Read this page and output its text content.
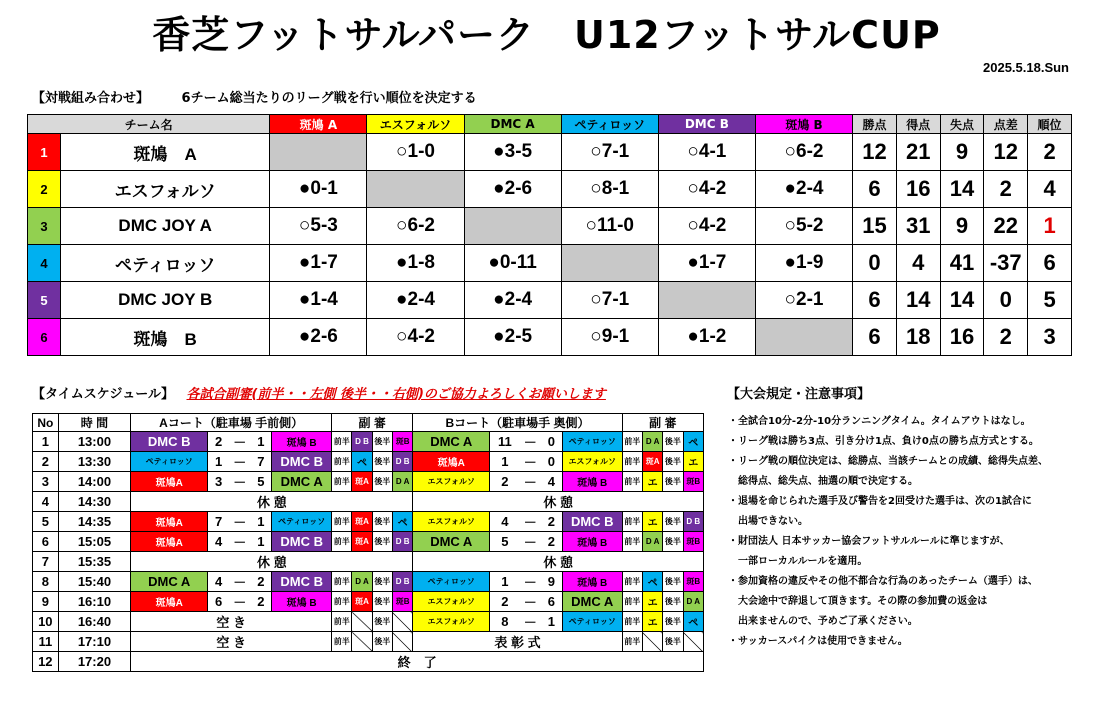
香芝フットサルパーク　U12フットサルCUP
2025.5.18.Sun
【対戦組み合わせ】	6チーム総当たりのリーグ戦を行い順位を決定する
チーム名		斑鳩 A	エスフォルソ	DMC A	ペティロッソ	DMC B	斑鳩 B	勝点	得点	失点	点差	順位
1	斑鳩　A		○1-0	●3-5	○7-1	○4-1	○6-2	12	21	9	12	2
2	エスフォルソ	●0-1		●2-6	○8-1	○4-2	●2-4	6	16	14	2	4
3	DMC JOY A	○5-3	○6-2		○11-0	○4-2	○5-2	15	31	9	22	1
4	ペティロッソ	●1-7	●1-8	●0-11		●1-7	●1-9	0	4	41	-37	6
5	DMC JOY B	●1-4	●2-4	●2-4	○7-1		○2-1	6	14	14	0	5
6	斑鳩　B	●2-6	○4-2	●2-5	○9-1	●1-2		6	18	16	2	3
【タイムスケジュール】 各試合副審(前半・・左側 後半・・右側)のご協力よろしくお願いします	【大会規定・注意事項】
No	時 間	Aコート（駐車場 手前側）					副 審				Bコート（駐車場手 奥側）					副 審			
1	13:00	DMC B	2	－	1	斑鳩 B	前半	D B	後半	斑B	DMC A	11	－	0	ペティロッソ	前半	D A	後半	ペ
2	13:30	ペティロッソ	1	－	7	DMC B	前半	ペ	後半	D B	斑鳩A	1	－	0	エスフォルソ	前半	斑A	後半	エ
3	14:00	斑鳩A	3	－	5	DMC A	前半	斑A	後半	D A	エスフォルソ	2	－	4	斑鳩 B	前半	エ	後半	斑B
4	14:30	休 憩									休 憩								
5	14:35	斑鳩A	7	－	1	ペティロッソ	前半	斑A	後半	ペ	エスフォルソ	4	－	2	DMC B	前半	エ	後半	D B
6	15:05	斑鳩A	4	－	1	DMC B	前半	斑A	後半	D B	DMC A	5	－	2	斑鳩 B	前半	D A	後半	斑B
7	15:35	休 憩									休 憩								
8	15:40	DMC A	4	－	2	DMC B	前半	D A	後半	D B	ペティロッソ	1	－	9	斑鳩 B	前半	ペ	後半	斑B
9	16:10	斑鳩A	6	－	2	斑鳩 B	前半	斑A	後半	斑B	エスフォルソ	2	－	6	DMC A	前半	エ	後半	D A
10	16:40	空 き					前半		後半		エスフォルソ	8	－	1	ペティロッソ	前半	エ	後半	ペ
11	17:10	空 き					前半		後半		表 彰 式					前半		後半	
12	17:20	終　了																	
・全試合10分-2分-10分ランニングタイム。タイムアウトはなし。
・リーグ戦は勝ち3点、引き分け1点、負け0点の勝ち点方式とする。
・リーグ戦の順位決定は、総勝点、当該チームとの成績、総得失点差、
　総得点、総失点、抽選の順で決定する。
・退場を命じられた選手及び警告を2回受けた選手は、次の1試合に
　出場できない。
・財団法人 日本サッカー協会フットサルルールに準じますが、
　一部ローカルルールを適用。
・参加資格の違反やその他不都合な行為のあったチーム（選手）は、
　大会途中で辞退して頂きます。その際の参加費の返金は
　出来ませんので、予めご了承ください。
・サッカースパイクは使用できません。
